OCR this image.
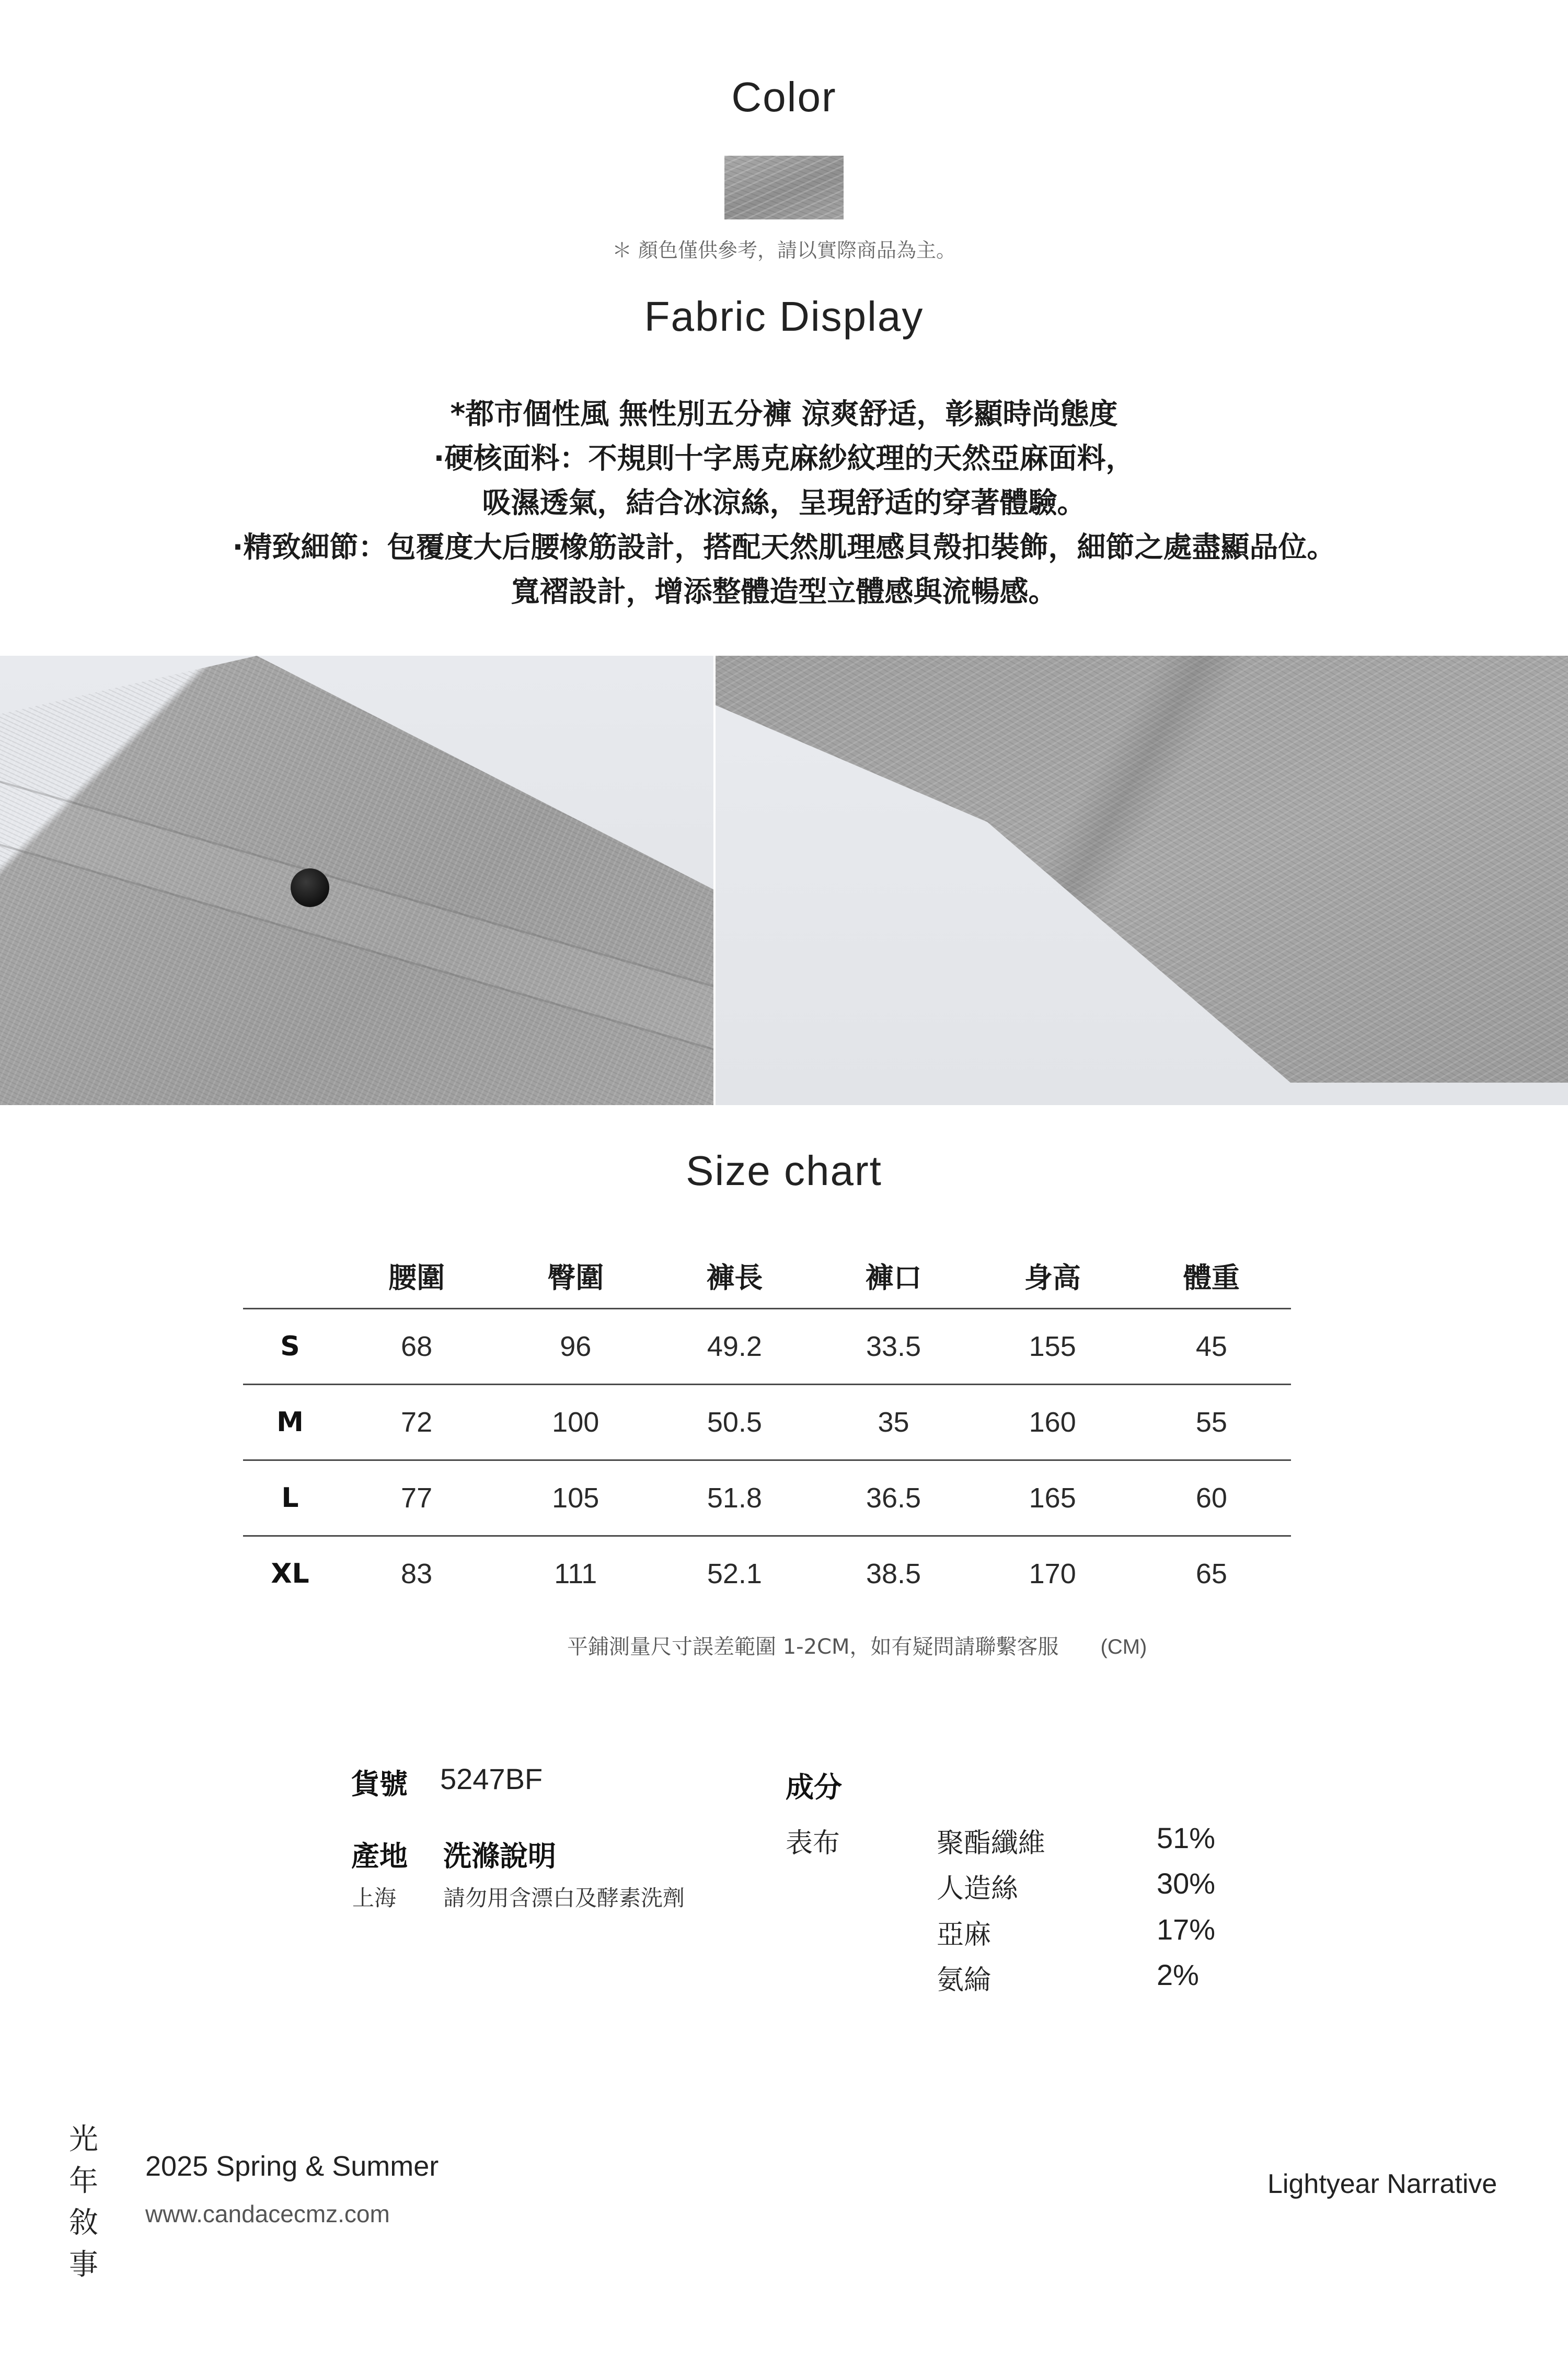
Color
＊ 顏色僅供參考，請以實際商品為主。
Fabric Display
*都市個性風 無性別五分褲 涼爽舒适，彰顯時尚態度
·硬核面料：不規則十字馬克麻紗紋理的天然亞麻面料，
吸濕透氣，結合冰涼絲，呈現舒适的穿著體驗。
·精致細節：包覆度大后腰橡筋設計，搭配天然肌理感貝殼扣裝飾，細節之處盡顯品位。
寬褶設計，增添整體造型立體感與流暢感。
Size chart
	腰圍	臀圍	褲長	褲口	身高	體重
S	68	96	49.2	33.5	155	45
M	72	100	50.5	35	160	55
L	77	105	51.8	36.5	165	60
XL	83	111	52.1	38.5	170	65
平鋪測量尺寸誤差範圍 1-2CM，如有疑問請聯繫客服 (CM)
貨號 5247BF
產地 洗滌說明
上海 請勿用含漂白及酵素洗劑
成分
表布	聚酯纖維	51%
人造絲	30%
亞麻	17%
氨綸	2%
光
年
敘
事
2025 Spring & Summer
www.candacecmz.com
Lightyear Narrative
